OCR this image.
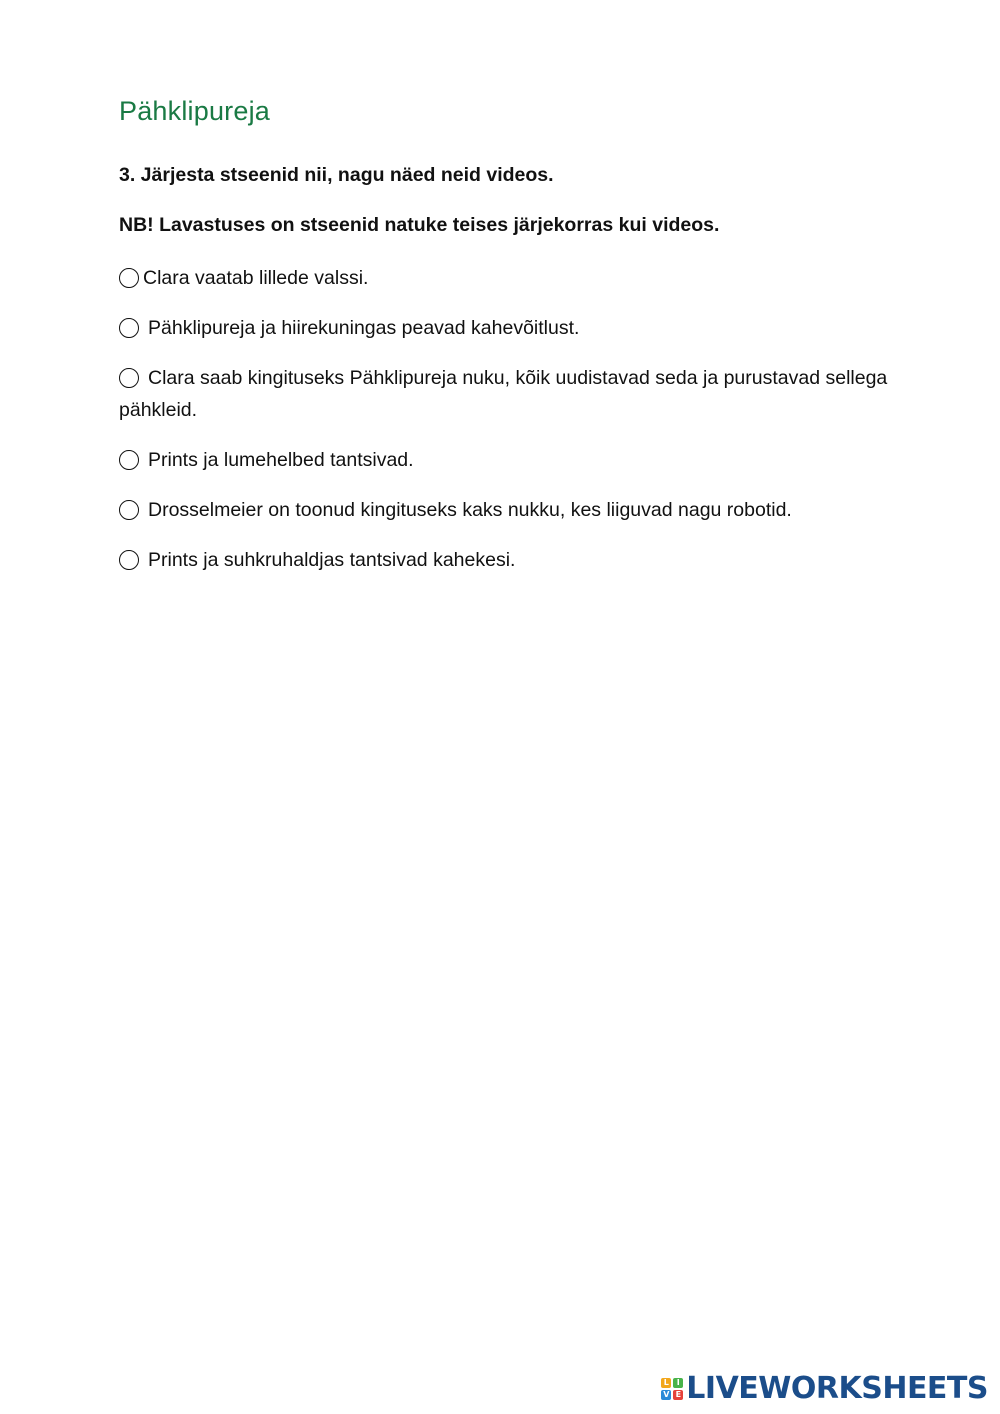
Pähklipureja

3. Järjesta stseenid nii, nagu näed neid videos.

NB! Lavastuses on stseenid natuke teises järjekorras kui videos.

Clara vaatab lillede valssi.
Pähklipureja ja hiirekuningas peavad kahevõitlust.
Clara saab kingituseks Pähklipureja nuku, kõik uudistavad seda ja purustavad sellega pähkleid.
Prints ja lumehelbed tantsivad.
Drosselmeier on toonud kingituseks kaks nukku, kes liiguvad nagu robotid.
Prints ja suhkruhaldjas tantsivad kahekesi.
L I
V E LIVEWORKSHEETS
